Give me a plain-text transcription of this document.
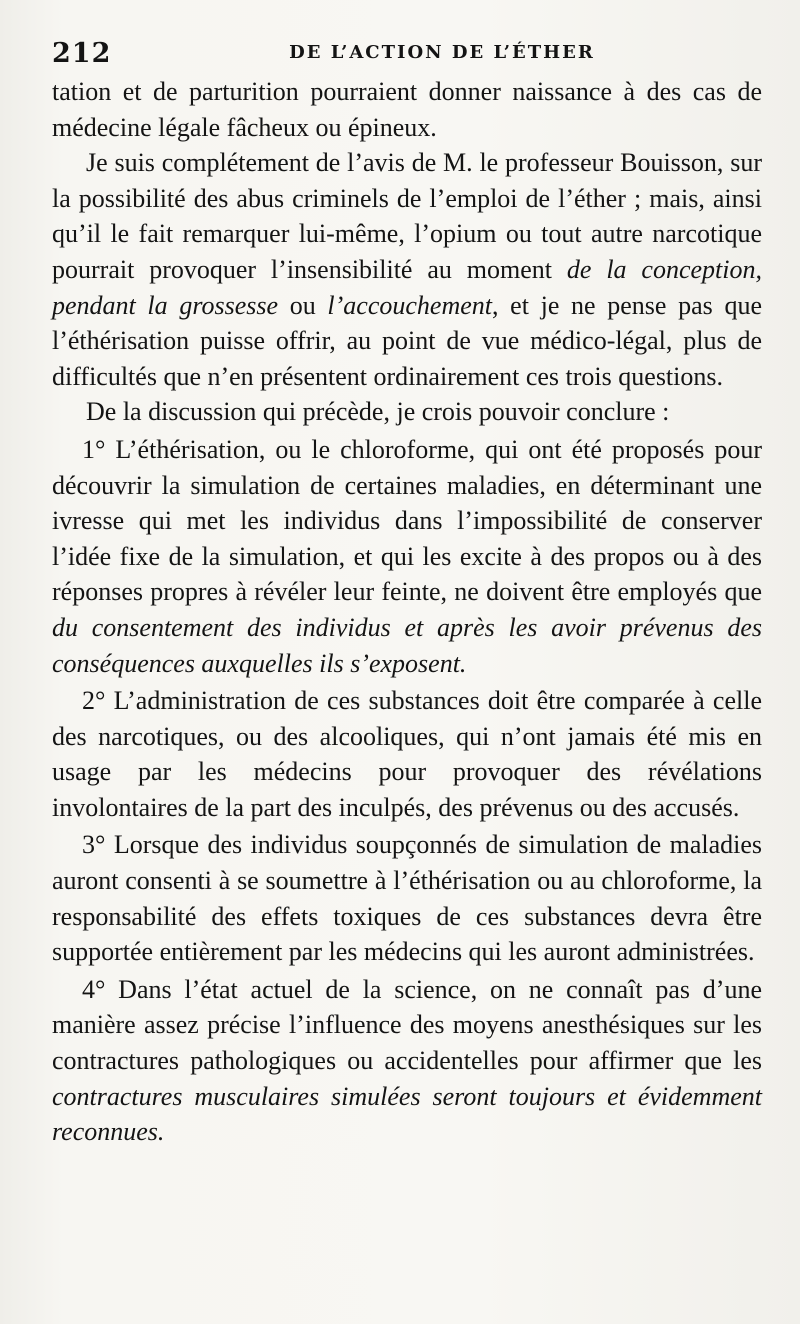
212	DE L’ACTION DE L’ÉTHER

tation et de parturition pourraient donner naissance à des cas de médecine légale fâcheux ou épineux.

Je suis complétement de l’avis de M. le professeur Bouisson, sur la possibilité des abus criminels de l’emploi de l’éther ; mais, ainsi qu’il le fait remarquer lui-même, l’opium ou tout autre narcotique pourrait provoquer l’insensibilité au moment de la conception, pendant la grossesse ou l’accouchement, et je ne pense pas que l’éthérisation puisse offrir, au point de vue médico-légal, plus de difficultés que n’en présentent ordinairement ces trois questions.

De la discussion qui précède, je crois pouvoir conclure :

1° L’éthérisation, ou le chloroforme, qui ont été proposés pour découvrir la simulation de certaines maladies, en déterminant une ivresse qui met les individus dans l’impossibilité de conserver l’idée fixe de la simulation, et qui les excite à des propos ou à des réponses propres à révéler leur feinte, ne doivent être employés que du consentement des individus et après les avoir prévenus des conséquences auxquelles ils s’exposent.

2° L’administration de ces substances doit être comparée à celle des narcotiques, ou des alcooliques, qui n’ont jamais été mis en usage par les médecins pour provoquer des révélations involontaires de la part des inculpés, des prévenus ou des accusés.

3° Lorsque des individus soupçonnés de simulation de maladies auront consenti à se soumettre à l’éthérisation ou au chloroforme, la responsabilité des effets toxiques de ces substances devra être supportée entièrement par les médecins qui les auront administrées.

4° Dans l’état actuel de la science, on ne connaît pas d’une manière assez précise l’influence des moyens anesthésiques sur les contractures pathologiques ou accidentelles pour affirmer que les contractures musculaires simulées seront toujours et évidemment reconnues.
